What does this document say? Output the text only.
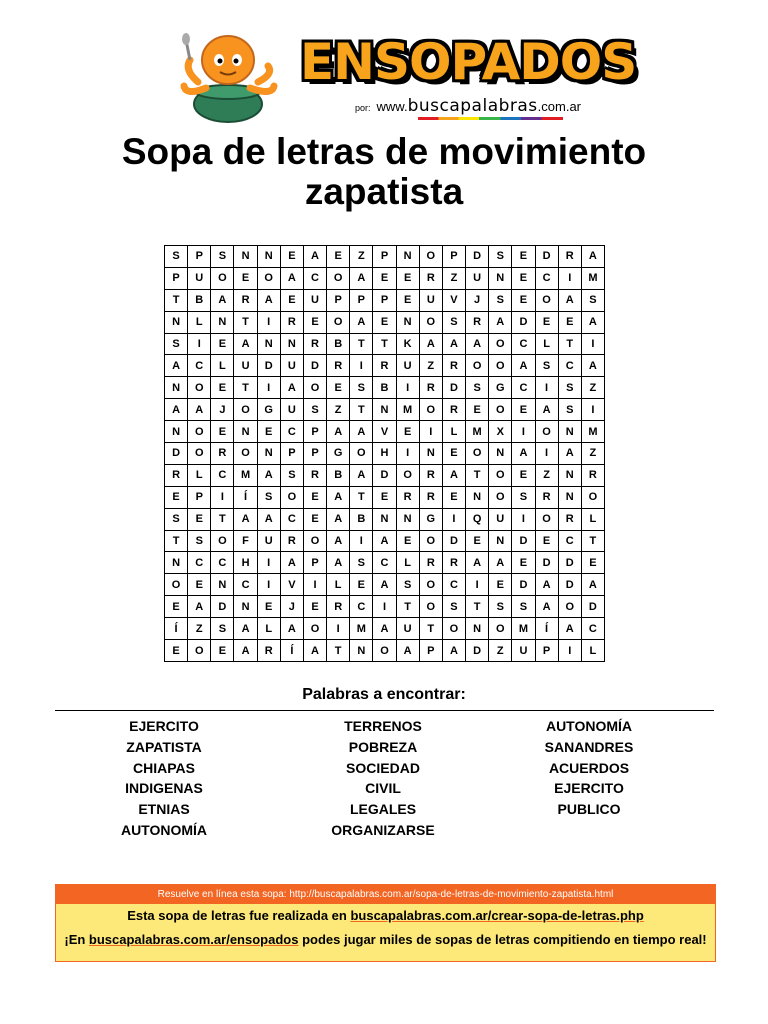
ENSOPADOS
por: www.buscapalabras.com.ar
Sopa de letras de movimiento
zapatista
S	P	S	N	N	E	A	E	Z	P	N	O	P	D	S	E	D	R	A
P	U	O	E	O	A	C	O	A	E	E	R	Z	U	N	E	C	I	M
T	B	A	R	A	E	U	P	P	P	E	U	V	J	S	E	O	A	S
N	L	N	T	I	R	E	O	A	E	N	O	S	R	A	D	E	E	A
S	I	E	A	N	N	R	B	T	T	K	A	A	A	O	C	L	T	I
A	C	L	U	D	U	D	R	I	R	U	Z	R	O	O	A	S	C	A
N	O	E	T	I	A	O	E	S	B	I	R	D	S	G	C	I	S	Z
A	A	J	O	G	U	S	Z	T	N	M	O	R	E	O	E	A	S	I
N	O	E	N	E	C	P	A	A	V	E	I	L	M	X	I	O	N	M
D	O	R	O	N	P	P	G	O	H	I	N	E	O	N	A	I	A	Z
R	L	C	M	A	S	R	B	A	D	O	R	A	T	O	E	Z	N	R
E	P	I	Í	S	O	E	A	T	E	R	R	E	N	O	S	R	N	O
S	E	T	A	A	C	E	A	B	N	N	G	I	Q	U	I	O	R	L
T	S	O	F	U	R	O	A	I	A	E	O	D	E	N	D	E	C	T
N	C	C	H	I	A	P	A	S	C	L	R	R	A	A	E	D	D	E
O	E	N	C	I	V	I	L	E	A	S	O	C	I	E	D	A	D	A
E	A	D	N	E	J	E	R	C	I	T	O	S	T	S	S	A	O	D
Í	Z	S	A	L	A	O	I	M	A	U	T	O	N	O	M	Í	A	C
E	O	E	A	R	Í	A	T	N	O	A	P	A	D	Z	U	P	I	L
Palabras a encontrar:
EJERCITO
ZAPATISTA
CHIAPAS
INDIGENAS
ETNIAS
AUTONOMÍA
TERRENOS
POBREZA
SOCIEDAD
CIVIL
LEGALES
ORGANIZARSE
AUTONOMÍA
SANANDRES
ACUERDOS
EJERCITO
PUBLICO
Resuelve en línea esta sopa: http://buscapalabras.com.ar/sopa-de-letras-de-movimiento-zapatista.html
Esta sopa de letras fue realizada en buscapalabras.com.ar/crear-sopa-de-letras.php
¡En buscapalabras.com.ar/ensopados podes jugar miles de sopas de letras compitiendo en tiempo real!
